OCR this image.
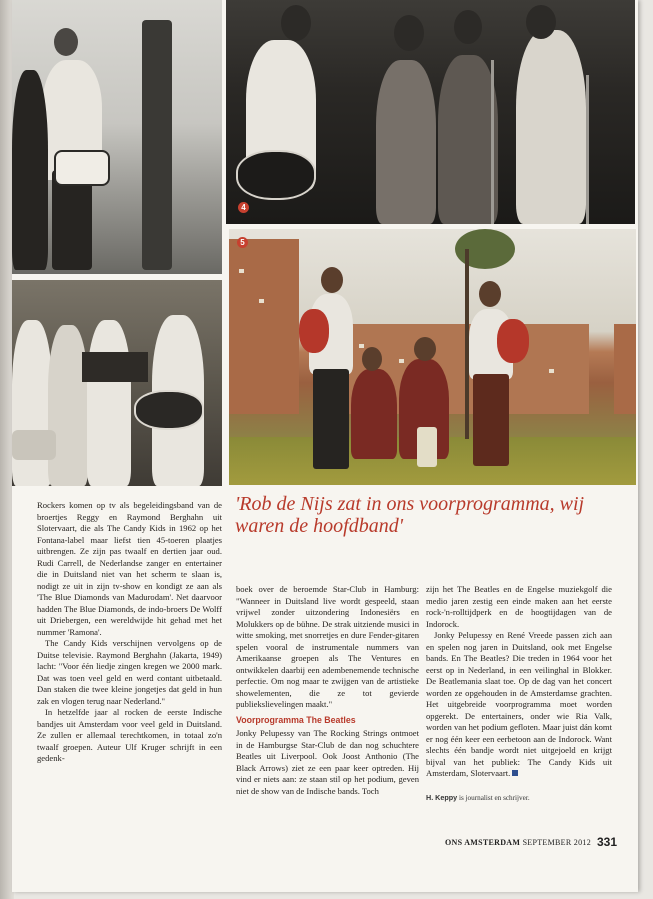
4
5
'Rob de Nijs zat in ons voorprogramma, wij waren de hoofdband'

Rockers komen op tv als begeleidingsband van de broertjes Reggy en Raymond Berghahn uit Slotervaart, die als The Candy Kids in 1962 op het Fontana-label maar liefst tien 45-toeren plaatjes uitbrengen. Ze zijn pas twaalf en dertien jaar oud. Rudi Carrell, de Nederlandse zanger en entertainer die in Duitsland niet van het scherm te slaan is, nodigt ze uit in zijn tv-show en kondigt ze aan als 'The Blue Diamonds van Madurodam'. Net daarvoor hadden The Blue Diamonds, de indo-broers De Wolff uit Driebergen, een wereldwijde hit gehad met het nummer 'Ramona'.

The Candy Kids verschijnen vervolgens op de Duitse televisie. Raymond Berghahn (Jakarta, 1949) lacht: "Voor één liedje zingen kregen we 2000 mark. Dat was toen veel geld en werd contant uitbetaald. Dan staken die twee kleine jongetjes dat geld in hun zak en vlogen terug naar Nederland."

In hetzelfde jaar al rocken de eerste Indische bandjes uit Amsterdam voor veel geld in Duitsland. Ze zullen er allemaal terechtkomen, in totaal zo'n twaalf groepen. Auteur Ulf Kruger schrijft in een gedenk-

boek over de beroemde Star-Club in Hamburg: "Wanneer in Duitsland live wordt gespeeld, staan vrijwel zonder uitzondering Indonesiërs en Molukkers op de bühne. De strak uitziende musici in witte smoking, met snorretjes en dure Fender-gitaren spelen vooral de instrumentale nummers van Amerikaanse groepen als The Ventures en ontwikkelen daarbij een adembenemende technische perfectie. Om nog maar te zwijgen van de artistieke showelementen, die ze tot gevierde publiekslievelingen maakt."

Voorprogramma The Beatles

Jonky Pelupessy van The Rocking Strings ontmoet in de Hamburgse Star-Club de dan nog schuchtere Beatles uit Liverpool. Ook Joost Anthonio (The Black Arrows) ziet ze een paar keer optreden. Hij vind er niets aan: ze staan stil op het podium, geven niet de show van de Indische bands. Toch

zijn het The Beatles en de Engelse muziekgolf die medio jaren zestig een einde maken aan het eerste rock-'n-rolltijdperk en de hoogtijdagen van de Indorock.

Jonky Pelupessy en René Vreede passen zich aan en spelen nog jaren in Duitsland, ook met Engelse bands. En The Beatles? Die treden in 1964 voor het eerst op in Nederland, in een veilinghal in Blokker. De Beatlemania slaat toe. Op de dag van het concert worden ze opgehouden in de Amsterdamse grachten. Het uitgebreide voorprogramma moet worden opgerekt. De entertainers, onder wie Ria Valk, worden van het podium gefloten. Maar juist dán komt er nog één keer een eerbetoon aan de Indorock. Want slechts één bandje wordt niet uitgejoeld en krijgt bijval van het publiek: The Candy Kids uit Amsterdam, Slotervaart.

H. Keppy is journalist en schrijver.
ONS AMSTERDAM SEPTEMBER 2012 331
